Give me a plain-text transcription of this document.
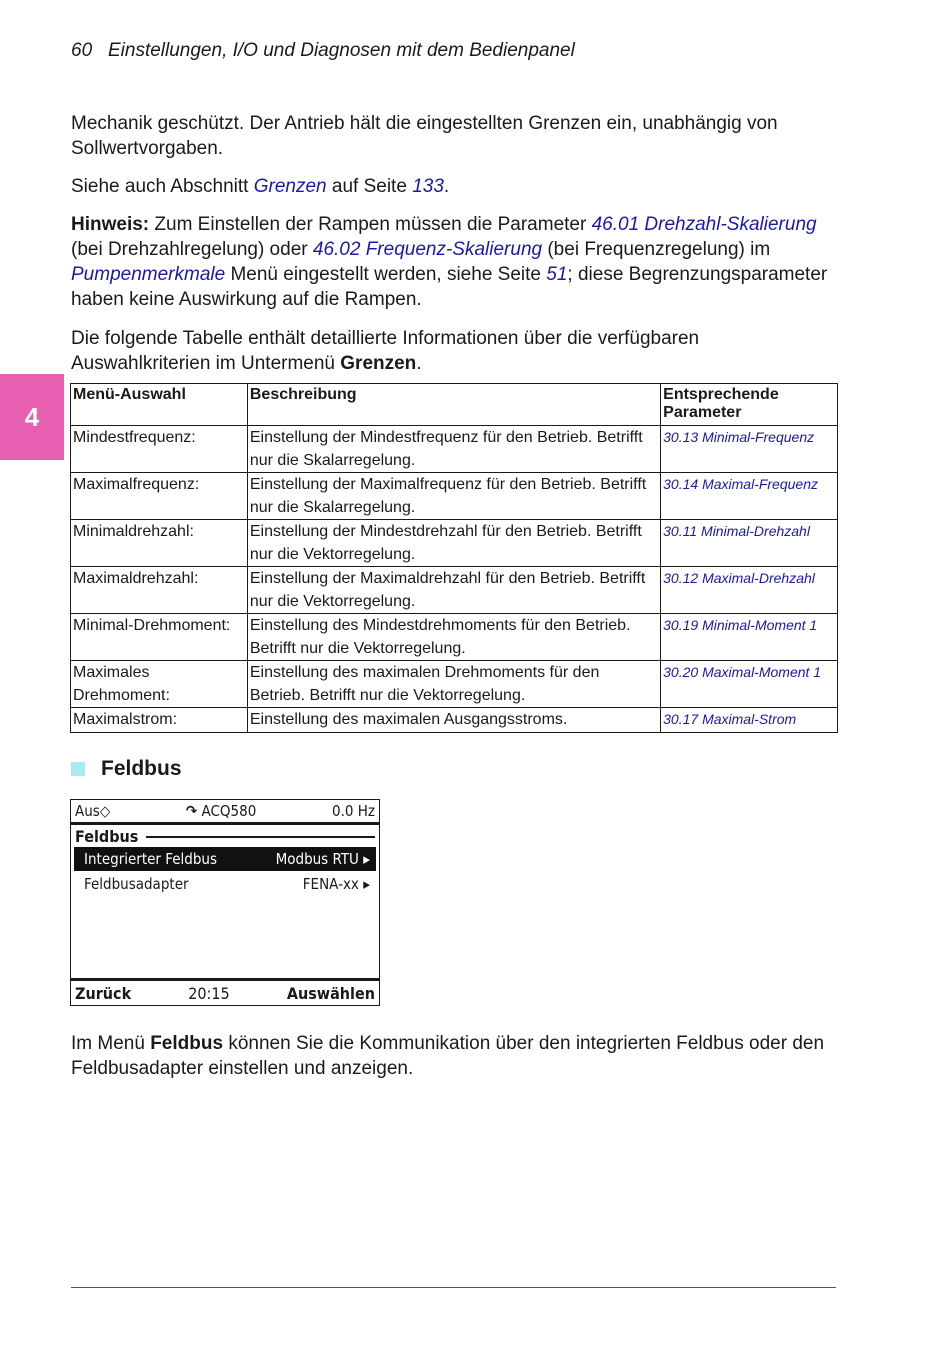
60 Einstellungen, I/O und Diagnosen mit dem Bedienpanel
4

Mechanik geschützt. Der Antrieb hält die eingestellten Grenzen ein, unabhängig von Sollwertvorgaben.

Siehe auch Abschnitt Grenzen auf Seite 133.

Hinweis: Zum Einstellen der Rampen müssen die Parameter 46.01 Drehzahl-Skalierung (bei Drehzahlregelung) oder 46.02 Frequenz-Skalierung (bei Frequenzregelung) im Pumpenmerkmale Menü eingestellt werden, siehe Seite 51; diese Begrenzungsparameter haben keine Auswirkung auf die Rampen.

Die folgende Tabelle enthält detaillierte Informationen über die verfügbaren Auswahlkriterien im Untermenü Grenzen.

Menü-Auswahl	Beschreibung	Entsprechende Parameter
Mindestfrequenz:	Einstellung der Mindestfrequenz für den Betrieb. Betrifft nur die Skalarregelung.	30.13 Minimal-Frequenz
Maximalfrequenz:	Einstellung der Maximalfrequenz für den Betrieb. Betrifft nur die Skalarregelung.	30.14 Maximal-Frequenz
Minimaldrehzahl:	Einstellung der Mindestdrehzahl für den Betrieb. Betrifft nur die Vektorregelung.	30.11 Minimal-Drehzahl
Maximaldrehzahl:	Einstellung der Maximaldrehzahl für den Betrieb. Betrifft nur die Vektorregelung.	30.12 Maximal-Drehzahl
Minimal-Drehmoment:	Einstellung des Mindestdrehmoments für den Betrieb. Betrifft nur die Vektorregelung.	30.19 Minimal-Moment 1
Maximales Drehmoment:	Einstellung des maximalen Drehmoments für den Betrieb. Betrifft nur die Vektorregelung.	30.20 Maximal-Moment 1
Maximalstrom:	Einstellung des maximalen Ausgangsstroms.	30.17 Maximal-Strom
Feldbus
Aus◇	↷ ACQ580	0.0 Hz
Feldbus
Integrierter Feldbus	Modbus RTU ▸
Feldbusadapter	FENA-xx ▸
Zurück	20:15	Auswählen

Im Menü Feldbus können Sie die Kommunikation über den integrierten Feldbus oder den Feldbusadapter einstellen und anzeigen.
